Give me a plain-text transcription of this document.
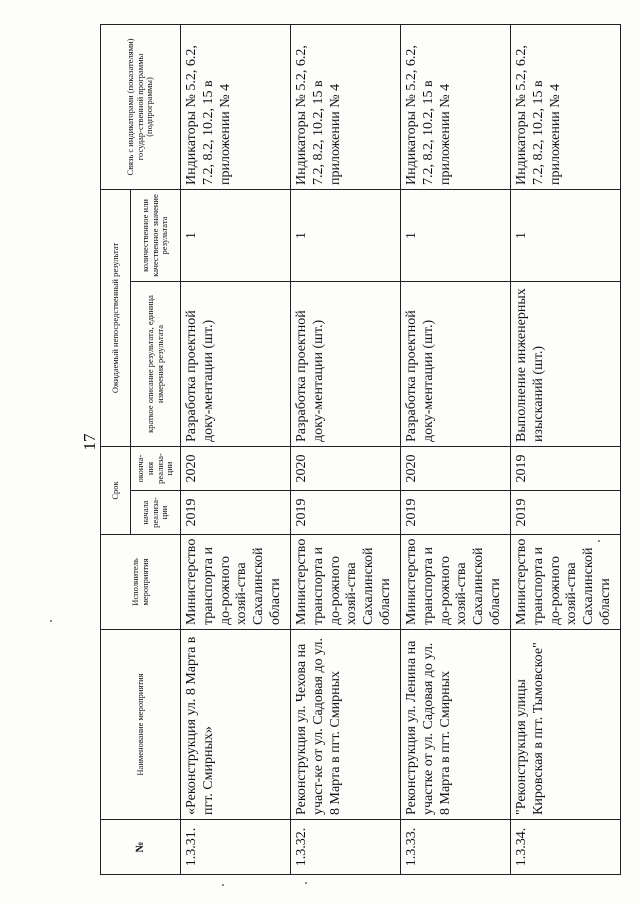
17
№	Наименование мероприятия	Исполнитель мероприятия	Срок		Ожидаемый непосредственный результат		Связь с индикаторами (показателями) государ-ственной программы (подпрограммы)
			начала реализа-ции	оконча-ния реализа-ции	краткое описание результата, единица измерения результата	количественное или качественное значение результата	
1.3.31.	«Реконструкция ул. 8 Марта в пгт. Смирных»	Министерство транспорта и до-рожного хозяй-ства Сахалинской области	2019	2020	Разработка проектной доку-ментации (шт.)	1	Индикаторы № 5.2, 6.2, 7.2, 8.2, 10.2, 15 в приложении № 4
1.3.32.	Реконструкция ул. Чехова на участ-ке от ул. Садовая до ул. 8 Марта в пгт. Смирных	Министерство транспорта и до-рожного хозяй-ства Сахалинской области	2019	2020	Разработка проектной доку-ментации (шт.)	1	Индикаторы № 5.2, 6.2, 7.2, 8.2, 10.2, 15 в приложении № 4
1.3.33.	Реконструкция ул. Ленина на участке от ул. Садовая до ул. 8 Марта в пгт. Смирных	Министерство транспорта и до-рожного хозяй-ства Сахалинской области	2019	2020	Разработка проектной доку-ментации (шт.)	1	Индикаторы № 5.2, 6.2, 7.2, 8.2, 10.2, 15 в приложении № 4
1.3.34.	"Реконструкция улицы Кировская в пгт. Тымовское"	Министерство транспорта и до-рожного хозяй-ства Сахалинской области	2019	2019	Выполнение инженерных изысканий (шт.)	1	Индикаторы № 5.2, 6.2, 7.2, 8.2, 10.2, 15 в приложении № 4
